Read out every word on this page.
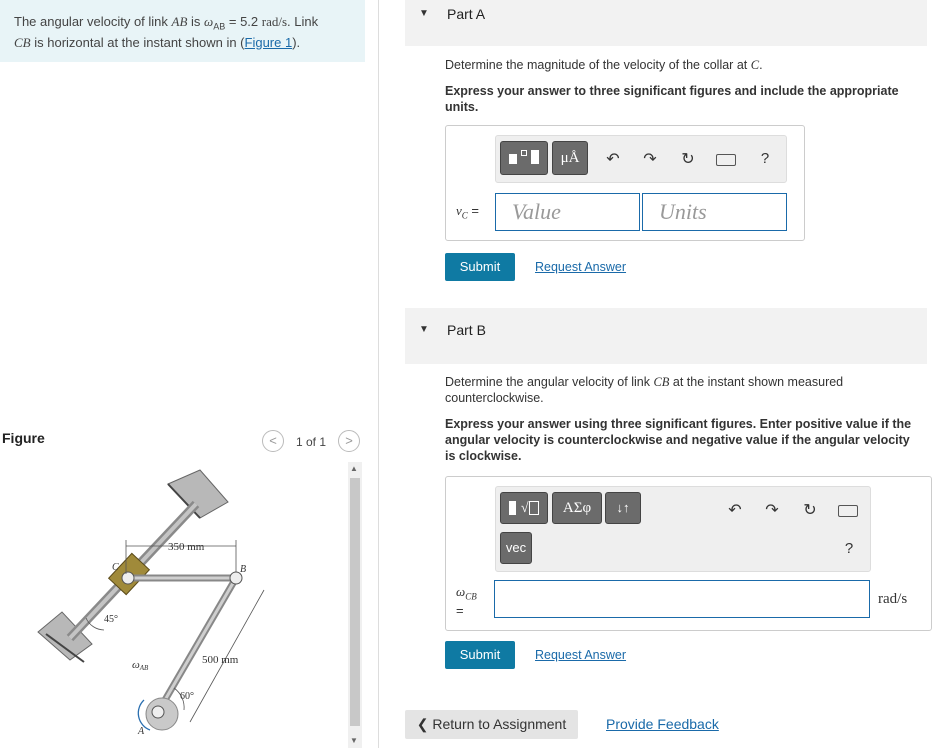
The angular velocity of link AB is $\omega_{AB} = 5.2$ rad/s. Link
CB is horizontal at the instant shown in (Figure 1).
Figure	<	1 of 1	>
350 mm
500 mm
45°
60°
A
B
C
ωAB
▲
▼
▼ Part A
Determine the magnitude of the velocity of the collar at C.
Express your answer to three significant figures and include the appropriate units.

μÅ	↶ ↷ ↻	?
$v_C$ =	Value	Units
Submit	Request Answer
▼ Part B
Determine the angular velocity of link CB at the instant shown measured counterclockwise.
Express your answer using three significant figures. Enter positive value if the angular velocity is counterclockwise and negative value if the angular velocity is clockwise.
√	ΑΣφ	↓↑	↶ ↷ ↻
vec	?
$\omega_{CB}$
=
rad/s
Submit	Request Answer
❮ Return to Assignment	Provide Feedback
